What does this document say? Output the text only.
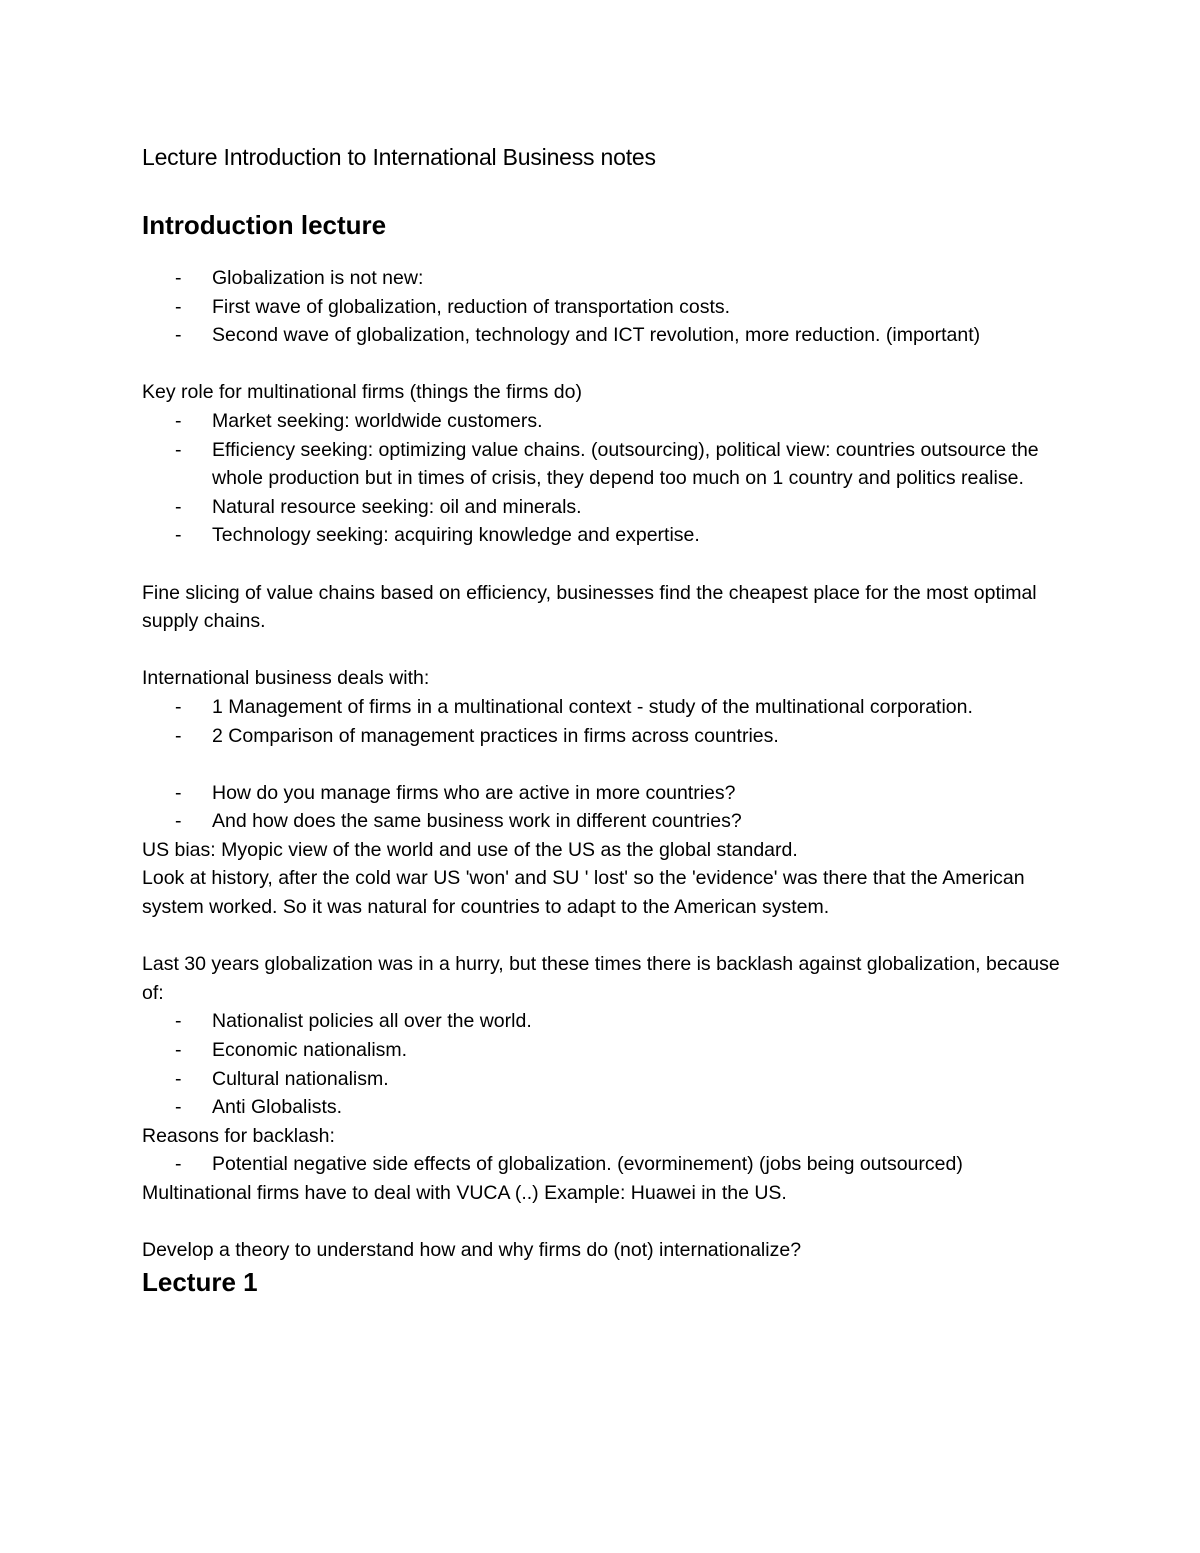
Lecture Introduction to International Business notes
Introduction lecture
- Globalization is not new:
- First wave of globalization, reduction of transportation costs.
- Second wave of globalization, technology and ICT revolution, more reduction. (important)

Key role for multinational firms (things the firms do)

- Market seeking: worldwide customers.
- Efficiency seeking: optimizing value chains. (outsourcing), political view: countries outsource the whole production but in times of crisis, they depend too much on 1 country and politics realise.
- Natural resource seeking: oil and minerals.
- Technology seeking: acquiring knowledge and expertise.

Fine slicing of value chains based on efficiency, businesses find the cheapest place for the most optimal supply chains.

International business deals with:

- 1 Management of firms in a multinational context - study of the multinational corporation.
- 2 Comparison of management practices in firms across countries.
- How do you manage firms who are active in more countries?
- And how does the same business work in different countries?

US bias: Myopic view of the world and use of the US as the global standard.

Look at history, after the cold war US 'won' and SU ' lost' so the 'evidence' was there that the American system worked. So it was natural for countries to adapt to the American system.

Last 30 years globalization was in a hurry, but these times there is backlash against globalization, because of:

- Nationalist policies all over the world.
- Economic nationalism.
- Cultural nationalism.
- Anti Globalists.

Reasons for backlash:

- Potential negative side effects of globalization. (evorminement) (jobs being outsourced)

Multinational firms have to deal with VUCA (..) Example: Huawei in the US.

Develop a theory to understand how and why firms do (not) internationalize?

Lecture 1
